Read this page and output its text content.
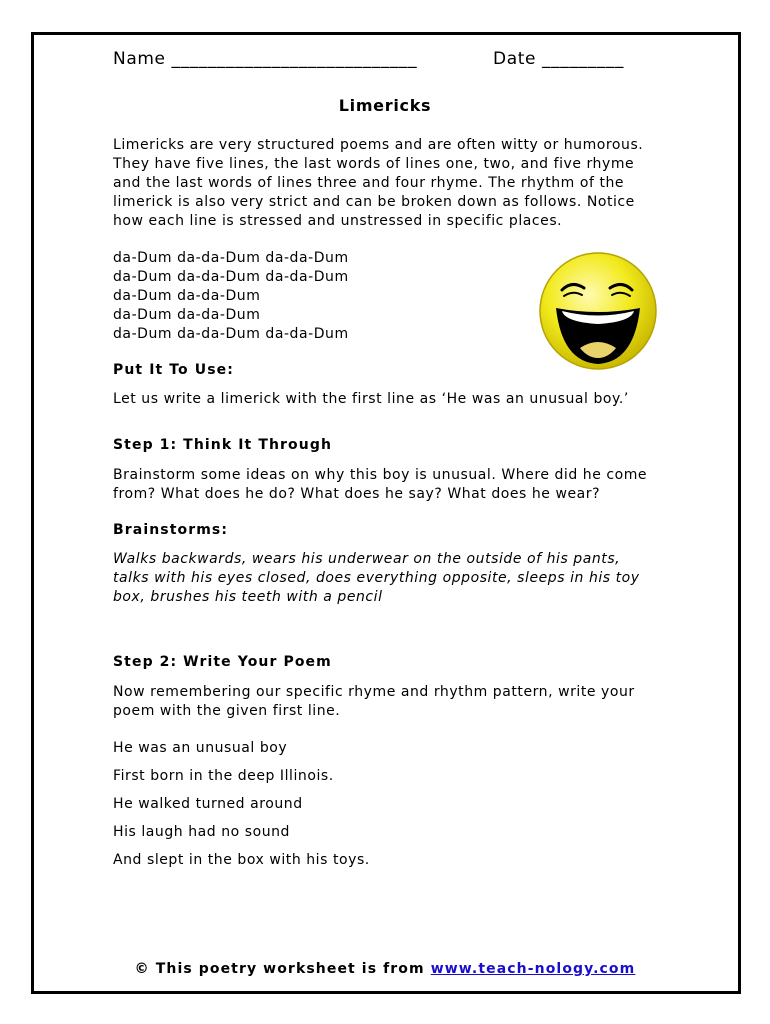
Name ___________________________	Date _________
Limericks
Limericks are very structured poems and are often witty or humorous.
They have five lines, the last words of lines one, two, and five rhyme
and the last words of lines three and four rhyme. The rhythm of the
limerick is also very strict and can be broken down as follows. Notice
how each line is stressed and unstressed in specific places.
da-Dum da-da-Dum da-da-Dum
da-Dum da-da-Dum da-da-Dum
da-Dum da-da-Dum
da-Dum da-da-Dum
da-Dum da-da-Dum da-da-Dum
Put It To Use:
Let us write a limerick with the first line as ‘He was an unusual boy.’
Step 1: Think It Through
Brainstorm some ideas on why this boy is unusual. Where did he come
from? What does he do? What does he say? What does he wear?
Brainstorms:
Walks backwards, wears his underwear on the outside of his pants,
talks with his eyes closed, does everything opposite, sleeps in his toy
box, brushes his teeth with a pencil
Step 2: Write Your Poem
Now remembering our specific rhyme and rhythm pattern, write your
poem with the given first line.
He was an unusual boy
First born in the deep Illinois.
He walked turned around
His laugh had no sound
And slept in the box with his toys.
© This poetry worksheet is from www.teach-nology.com
